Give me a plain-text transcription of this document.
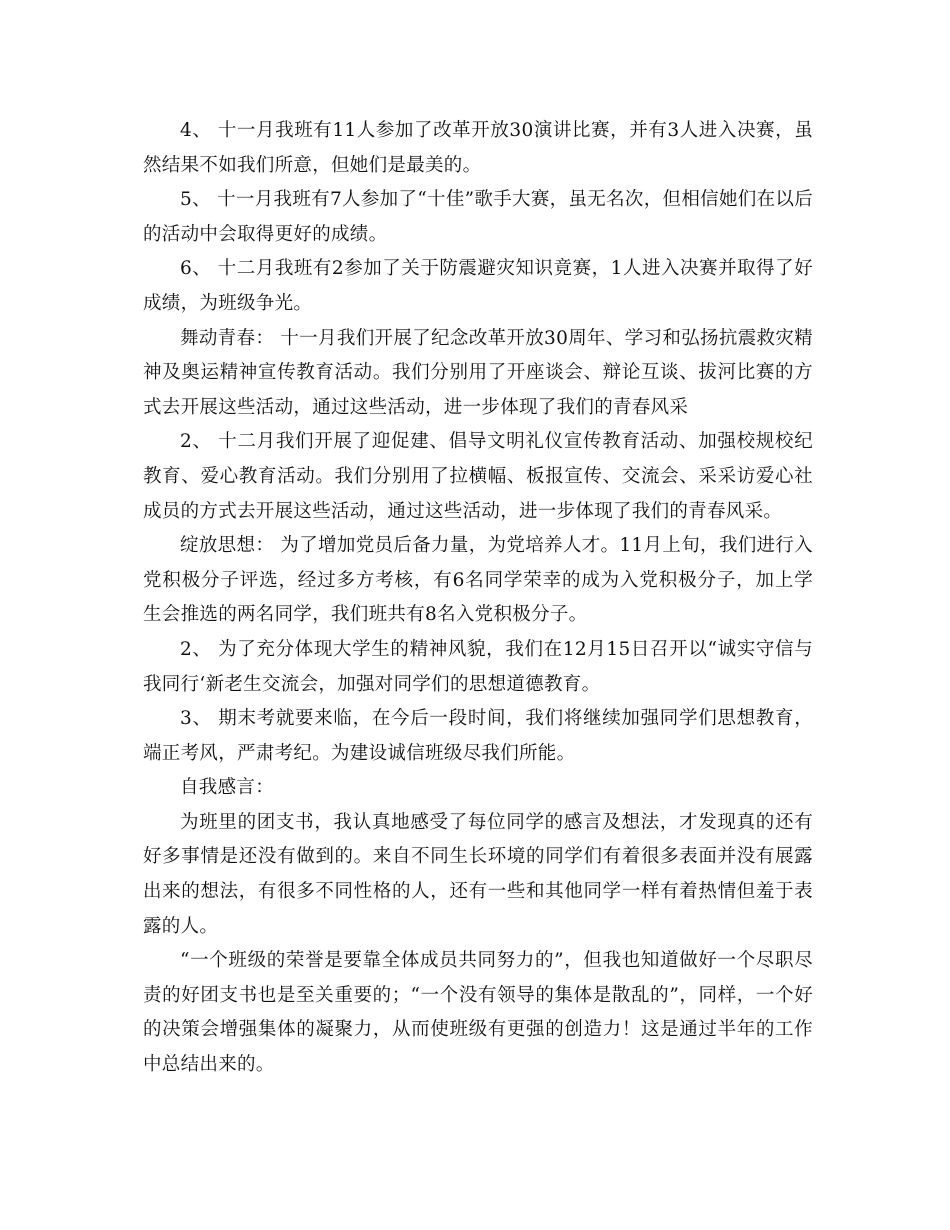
4、 十一月我班有11人参加了改革开放30演讲比赛，并有3人进入决赛，虽然结果不如我们所意，但她们是最美的。

5、 十一月我班有7人参加了“十佳”歌手大赛，虽无名次，但相信她们在以后的活动中会取得更好的成绩。

6、 十二月我班有2参加了关于防震避灾知识竟赛，1人进入决赛并取得了好成绩，为班级争光。

舞动青春： 十一月我们开展了纪念改革开放30周年、学习和弘扬抗震救灾精神及奥运精神宣传教育活动。我们分别用了开座谈会、辩论互谈、拔河比赛的方式去开展这些活动，通过这些活动，进一步体现了我们的青春风采

2、 十二月我们开展了迎促建、倡导文明礼仪宣传教育活动、加强校规校纪教育、爱心教育活动。我们分别用了拉横幅、板报宣传、交流会、采采访爱心社成员的方式去开展这些活动，通过这些活动，进一步体现了我们的青春风采。

绽放思想： 为了增加党员后备力量，为党培养人才。11月上旬，我们进行入党积极分子评选，经过多方考核，有6名同学荣幸的成为入党积极分子，加上学生会推选的两名同学，我们班共有8名入党积极分子。

2、 为了充分体现大学生的精神风貌，我们在12月15日召开以“诚实守信与我同行‘新老生交流会，加强对同学们的思想道德教育。

3、 期末考就要来临，在今后一段时间，我们将继续加强同学们思想教育，端正考风，严肃考纪。为建设诚信班级尽我们所能。

自我感言：

为班里的团支书，我认真地感受了每位同学的感言及想法，才发现真的还有好多事情是还没有做到的。来自不同生长环境的同学们有着很多表面并没有展露出来的想法，有很多不同性格的人，还有一些和其他同学一样有着热情但羞于表露的人。

“一个班级的荣誉是要靠全体成员共同努力的”，但我也知道做好一个尽职尽责的好团支书也是至关重要的；“一个没有领导的集体是散乱的”，同样，一个好的决策会增强集体的凝聚力，从而使班级有更强的创造力！这是通过半年的工作中总结出来的。
